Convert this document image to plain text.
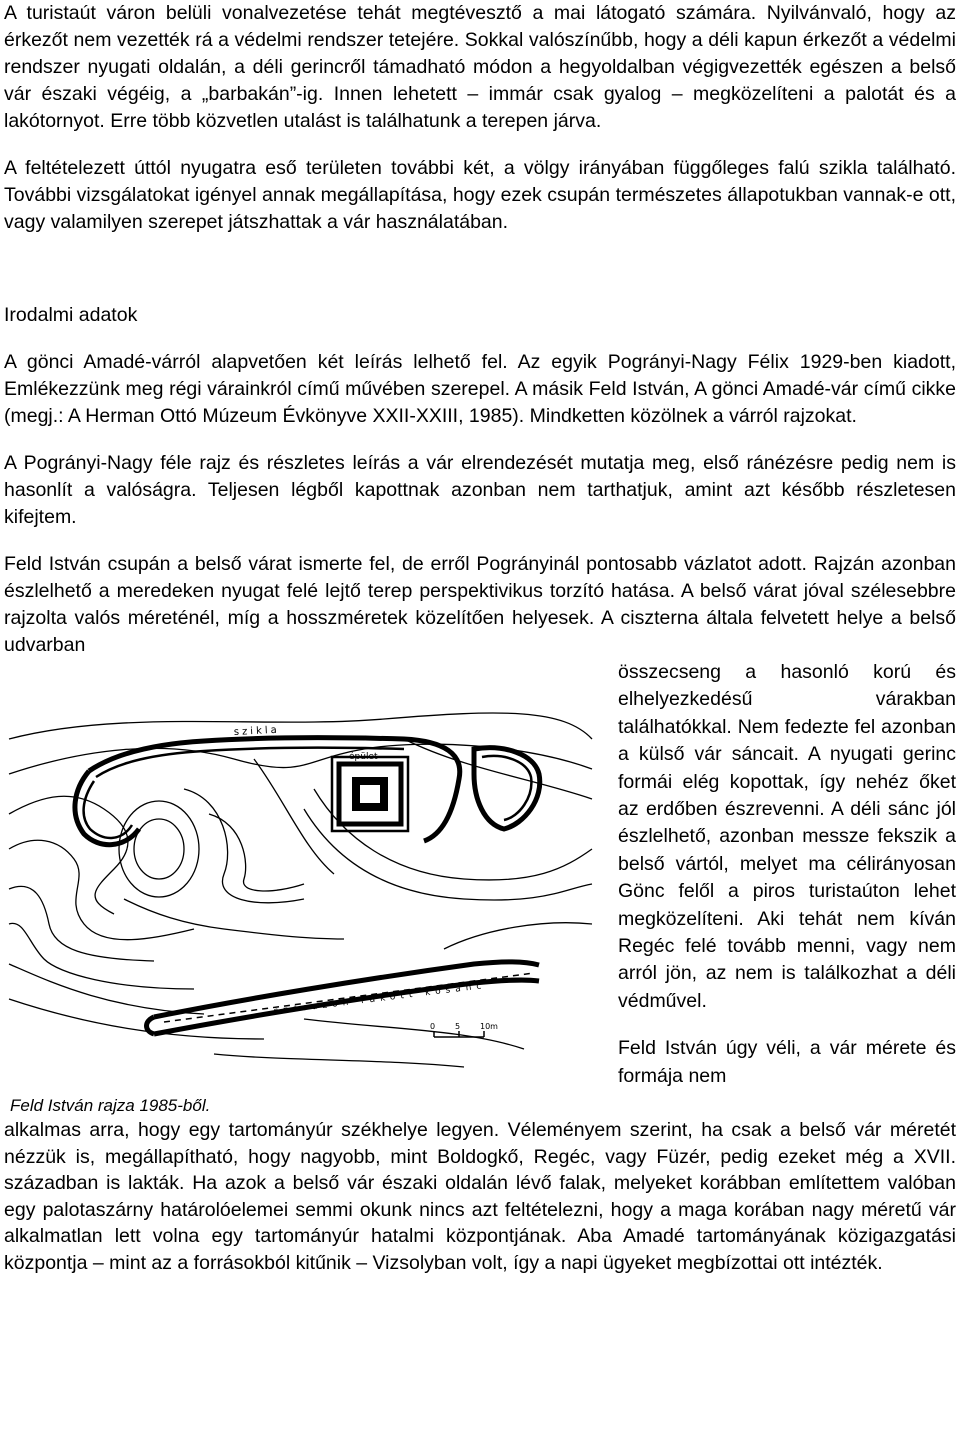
A turistaút váron belüli vonalvezetése tehát megtévesztő a mai látogató számára. Nyilvánvaló, hogy az érkezőt nem vezették rá a védelmi rendszer tetejére. Sokkal valószínűbb, hogy a déli kapun érkezőt a védelmi rendszer nyugati oldalán, a déli gerincről támadható módon a hegyoldalban végigvezették egészen a belső vár északi végéig, a „barbakán”-ig. Innen lehetett – immár csak gyalog – megközelíteni a palotát és a lakótornyot. Erre több közvetlen utalást is találhatunk a terepen járva.

A feltételezett úttól nyugatra eső területen további két, a völgy irányában függőleges falú szikla található. További vizsgálatokat igényel annak megállapítása, hogy ezek csupán természetes állapotukban vannak-e ott, vagy valamilyen szerepet játszhattak a vár használatában.

Irodalmi adatok

A gönci Amadé-várról alapvetően két leírás lelhető fel. Az egyik Pogrányi-Nagy Félix 1929-ben kiadott, Emlékezzünk meg régi várainkról című művében szerepel. A másik Feld István, A gönci Amadé-vár című cikke (megj.: A Herman Ottó Múzeum Évkönyve XXII-XXIII, 1985). Mindketten közölnek a várról rajzokat.

A Pogrányi-Nagy féle rajz és részletes leírás a vár elrendezését mutatja meg, első ránézésre pedig nem is hasonlít a valóságra. Teljesen légből kapottnak azonban nem tarthatjuk, amint azt később részletesen kifejtem.

Feld István csupán a belső várat ismerte fel, de erről Pogrányinál pontosabb vázlatot adott. Rajzán azonban észlelhető a meredeken nyugat felé lejtő terep perspektivikus torzító hatása. A belső várat jóval szélesebbre rajzolta valós méreténél, míg a hosszméretek közelítően helyesek. A ciszterna általa felvetett helye a belső udvarban

épület
szikla
szárazon rakott kősánc
0 5 10m
Feld István rajza 1985-ből.

összecseng a hasonló korú és elhelyezkedésű várakban találhatókkal. Nem fedezte fel azonban a külső vár sáncait. A nyugati gerinc formái elég kopottak, így nehéz őket az erdőben észrevenni. A déli sánc jól észlelhető, azonban messze fekszik a belső vártól, melyet ma célirányosan Gönc felől a piros turistaúton lehet megközelíteni. Aki tehát nem kíván Regéc felé tovább menni, vagy nem arról jön, az nem is találkozhat a déli védművel.

Feld István úgy véli, a vár mérete és formája nem

alkalmas arra, hogy egy tartományúr székhelye legyen. Véleményem szerint, ha csak a belső vár méretét nézzük is, megállapítható, hogy nagyobb, mint Boldogkő, Regéc, vagy Füzér, pedig ezeket még a XVII. században is lakták. Ha azok a belső vár északi oldalán lévő falak, melyeket korábban említettem valóban egy palotaszárny határolóelemei semmi okunk nincs azt feltételezni, hogy a maga korában nagy méretű vár alkalmatlan lett volna egy tartományúr hatalmi központjának. Aba Amadé tartományának közigazgatási központja – mint az a forrásokból kitűnik – Vizsolyban volt, így a napi ügyeket megbízottai ott intézték.
